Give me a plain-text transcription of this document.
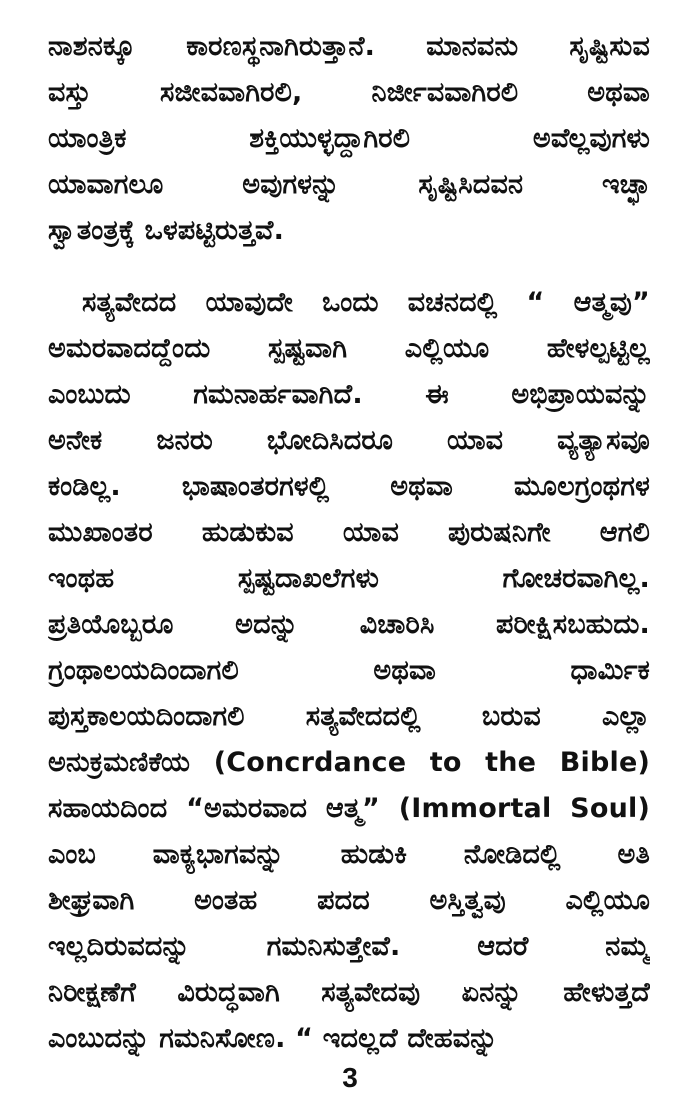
ನಾಶನಕ್ಕೂ ಕಾರಣಸ್ಥನಾಗಿರುತ್ತಾನೆ. ಮಾನವನು ಸೃಷ್ಟಿಸುವ
ವಸ್ತು ಸಜೀವವಾಗಿರಲಿ, ನಿರ್ಜೀವವಾಗಿರಲಿ ಅಥವಾ
ಯಾಂತ್ರಿಕ ಶಕ್ತಿಯುಳ್ಳದ್ದಾಗಿರಲಿ ಅವೆಲ್ಲವುಗಳು
ಯಾವಾಗಲೂ ಅವುಗಳನ್ನು ಸೃಷ್ಟಿಸಿದವನ ಇಚ್ಛಾ
ಸ್ವಾತಂತ್ರಕ್ಕೆ ಒಳಪಟ್ಟಿರುತ್ತವೆ.
ಸತ್ಯವೇದದ ಯಾವುದೇ ಒಂದು ವಚನದಲ್ಲಿ “ ಆತ್ಮವು”
ಅಮರವಾದದ್ದೆಂದು ಸ್ಪಷ್ಟವಾಗಿ ಎಲ್ಲಿಯೂ ಹೇಳಲ್ಪಟ್ಟಿಲ್ಲ
ಎಂಬುದು ಗಮನಾರ್ಹವಾಗಿದೆ. ಈ ಅಭಿಪ್ರಾಯವನ್ನು
ಅನೇಕ ಜನರು ಭೋದಿಸಿದರೂ ಯಾವ ವ್ಯತ್ಯಾಸವೂ
ಕಂಡಿಲ್ಲ. ಭಾಷಾಂತರಗಳಲ್ಲಿ ಅಥವಾ ಮೂಲಗ್ರಂಥಗಳ
ಮುಖಾಂತರ ಹುಡುಕುವ ಯಾವ ಪುರುಷನಿಗೇ ಆಗಲಿ
ಇಂಥಹ ಸ್ಪಷ್ಟದಾಖಲೆಗಳು ಗೋಚರವಾಗಿಲ್ಲ.
ಪ್ರತಿಯೊಬ್ಬರೂ ಅದನ್ನು ವಿಚಾರಿಸಿ ಪರೀಕ್ಷಿಸಬಹುದು.
ಗ್ರಂಥಾಲಯದಿಂದಾಗಲಿ ಅಥವಾ ಧಾರ್ಮಿಕ
ಪುಸ್ತಕಾಲಯದಿಂದಾಗಲಿ ಸತ್ಯವೇದದಲ್ಲಿ ಬರುವ ಎಲ್ಲಾ
ಅನುಕ್ರಮಣಿಕೆಯ (Concrdance to the Bible)
ಸಹಾಯದಿಂದ “ಅಮರವಾದ ಆತ್ಮ” (Immortal Soul)
ಎಂಬ ವಾಕ್ಯಭಾಗವನ್ನು ಹುಡುಕಿ ನೋಡಿದಲ್ಲಿ ಅತಿ
ಶೀಘ್ರವಾಗಿ ಅಂತಹ ಪದದ ಅಸ್ತಿತ್ವವು ಎಲ್ಲಿಯೂ
ಇಲ್ಲದಿರುವದನ್ನು ಗಮನಿಸುತ್ತೇವೆ. ಆದರೆ ನಮ್ಮ
ನಿರೀಕ್ಷಣೆಗೆ ವಿರುದ್ಧವಾಗಿ ಸತ್ಯವೇದವು ಏನನ್ನು ಹೇಳುತ್ತದೆ
ಎಂಬುದನ್ನು ಗಮನಿಸೋಣ. “ ಇದಲ್ಲದೆ ದೇಹವನ್ನು
3
